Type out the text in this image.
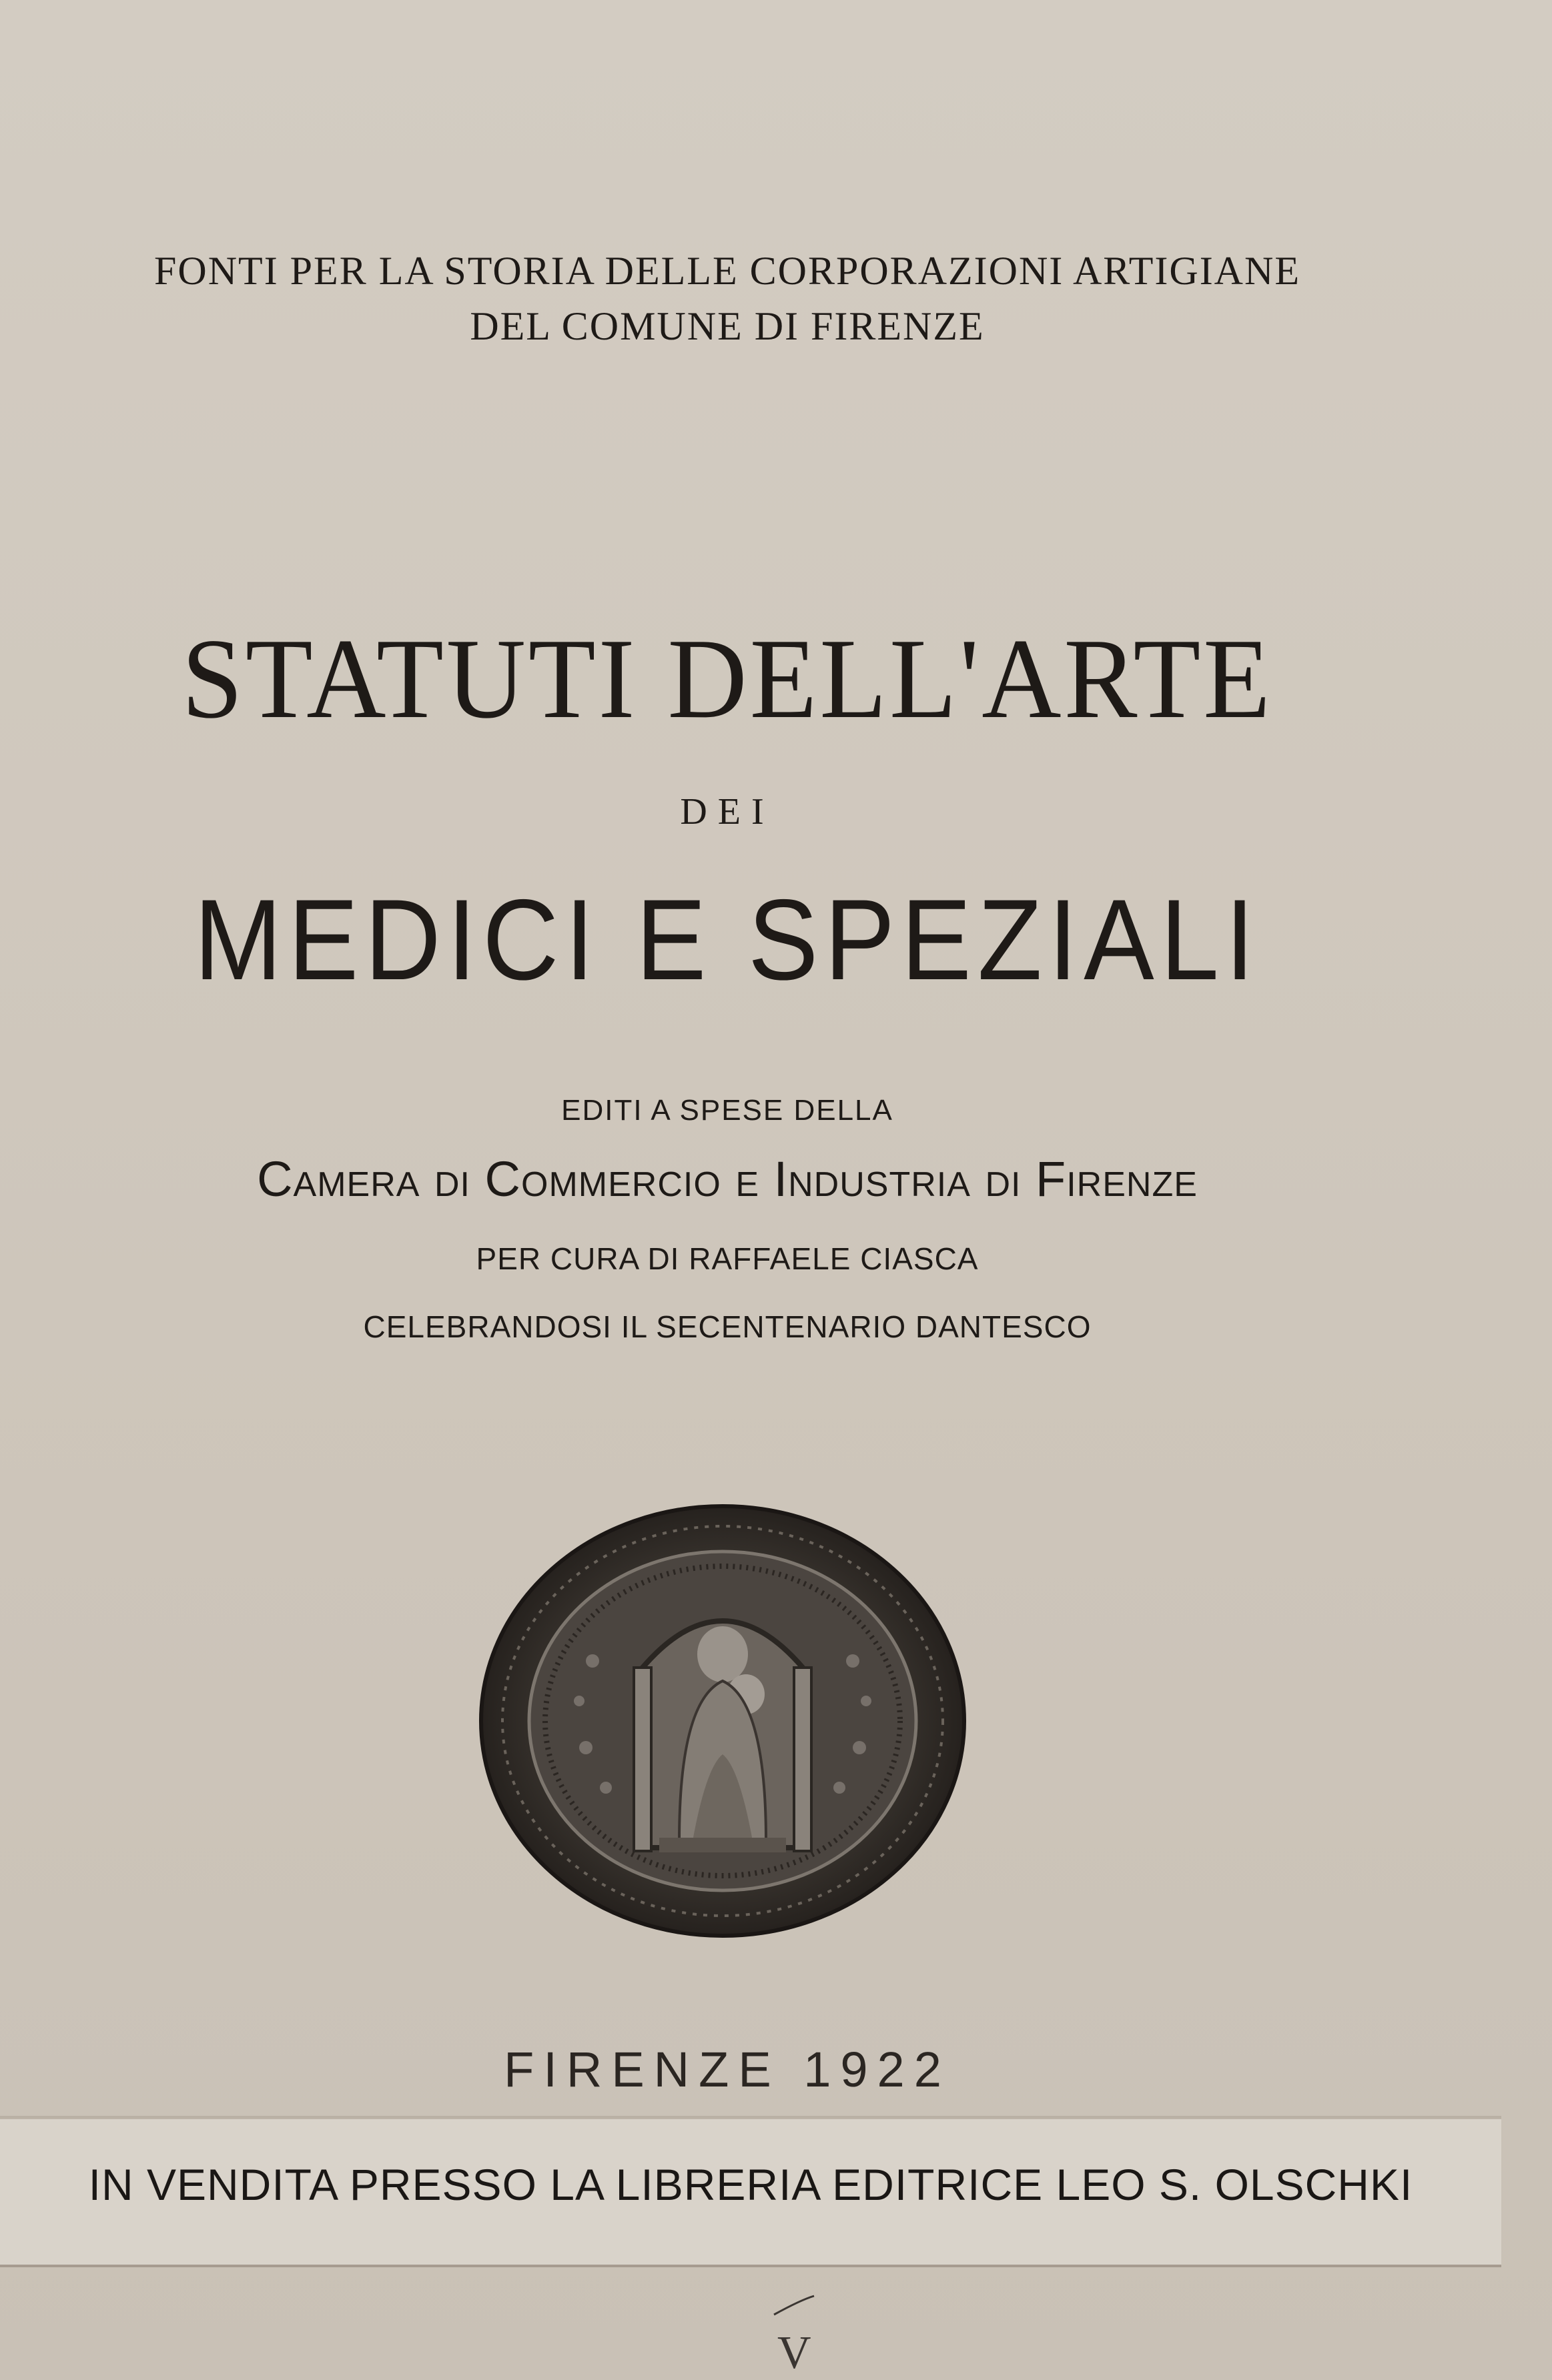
FONTI PER LA STORIA DELLE CORPORAZIONI ARTIGIANE
DEL COMUNE DI FIRENZE
STATUTI DELL'ARTE
DEI
MEDICI E SPEZIALI
EDITI A SPESE DELLA
Camera di Commercio e Industria di Firenze
PER CURA DI RAFFAELE CIASCA
CELEBRANDOSI IL SECENTENARIO DANTESCO
FIRENZE 1922
IN VENDITA PRESSO LA LIBRERIA EDITRICE LEO S. OLSCHKI
V
